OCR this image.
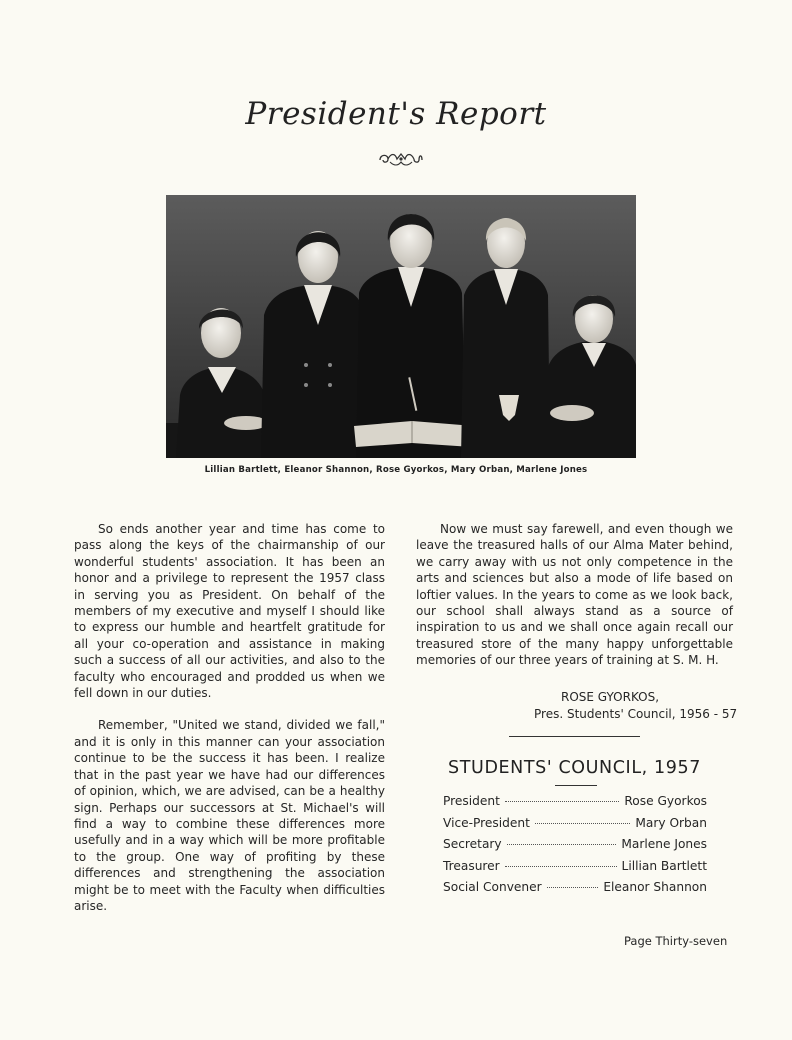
President's Report
Lillian Bartlett, Eleanor Shannon, Rose Gyorkos, Mary Orban, Marlene Jones

So ends another year and time has come to pass along the keys of the chairmanship of our wonderful students' association. It has been an honor and a privilege to represent the 1957 class in serving you as President. On behalf of the members of my executive and myself I should like to express our humble and heartfelt gratitude for all your co-operation and assistance in making such a success of all our activities, and also to the faculty who encouraged and prodded us when we fell down in our duties.

Remember, "United we stand, divided we fall," and it is only in this manner can your association continue to be the success it has been. I realize that in the past year we have had our differences of opinion, which, we are advised, can be a healthy sign. Perhaps our successors at St. Michael's will find a way to combine these differences more usefully and in a way which will be more profitable to the group. One way of profiting by these differences and strengthening the association might be to meet with the Faculty when difficulties arise.

Now we must say farewell, and even though we leave the treasured halls of our Alma Mater behind, we carry away with us not only competence in the arts and sciences but also a mode of life based on loftier values. In the years to come as we look back, our school shall always stand as a source of inspiration to us and we shall once again recall our treasured store of the many happy unforgettable memories of our three years of training at S. M. H.

ROSE GYORKOS,
Pres. Students' Council, 1956 - 57
STUDENTS' COUNCIL, 1957
President	Rose Gyorkos
Vice-President	Mary Orban
Secretary	Marlene Jones
Treasurer	Lillian Bartlett
Social Convener	Eleanor Shannon
Page Thirty-seven
